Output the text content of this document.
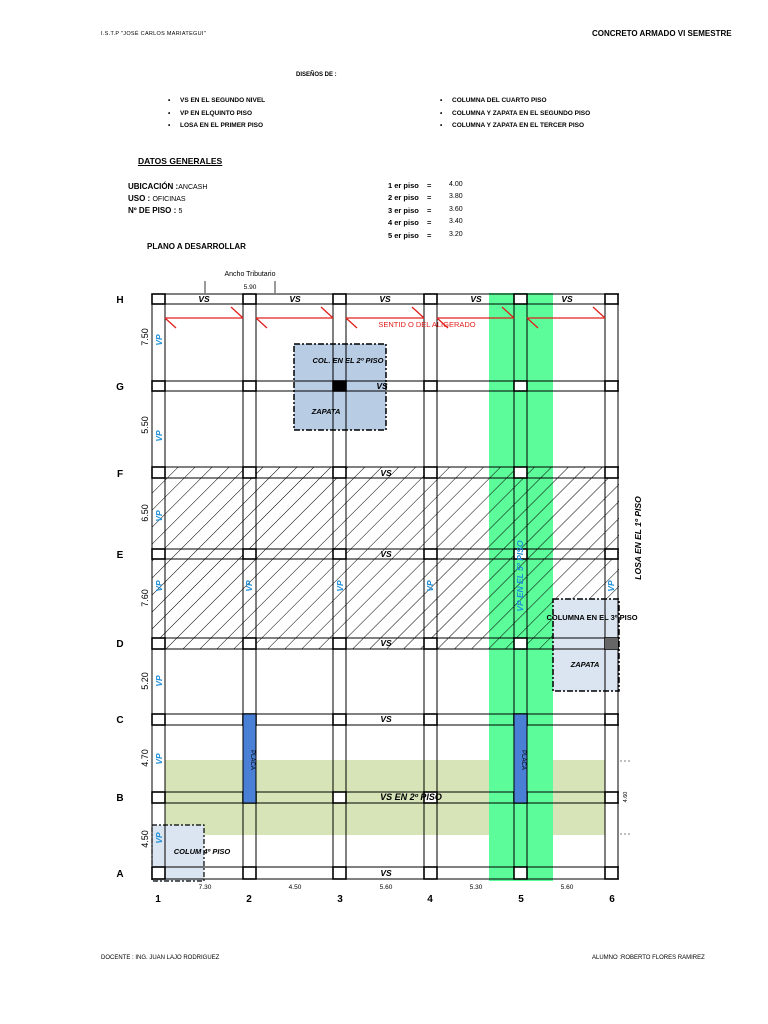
I.S.T.P "JOSÉ CARLOS MARIATEGUI"	CONCRETO ARMADO VI SEMESTRE
DISEÑOS DE :
• VS EN EL SEGUNDO NIVEL
• VP EN ELQUINTO PISO
• LOSA EN EL PRIMER PISO
• COLUMNA DEL CUARTO PISO
• COLUMNA Y ZAPATA EN EL SEGUNDO PISO
• COLUMNA Y ZAPATA EN EL TERCER PISO
DATOS GENERALES
UBICACIÓN :ANCASH
USO : OFICINAS
Nº DE PISO : 5
1 er piso =	4.00
2 er piso =	3.80
3 er piso =	3.60
4 er piso =	3.40
5 er piso =	3.20
PLANO A DESARROLLAR
Ancho Tributario
5.90
PLACA	PLACA
SENTID O DEL ALIGERADO
VS	VS	VS	VS	VS
VS
VS
VS
VS
VS
VS
VS EN 2º PISO
VP
VP
VP
VP	VP	VP	VP	VP
VP
VP
VP
VP EN EL 5º PISO	LOSA EN EL 1º PISO
COL. EN EL 2º PISO
ZAPATA
COLUMNA EN EL 3º PISO
ZAPATA
COLUM 4º PISO
4.60
H
G
F
E
D
C
B
A
7.50
5.50
6.50
7.60
5.20
4.70
4.50
7.30	4.50	5.60	5.30	5.60
1	2	3	4	5	6
DOCENTE : ING. JUAN LAJO RODRIGUEZ	ALUMNO :ROBERTO FLORES RAMIREZ
